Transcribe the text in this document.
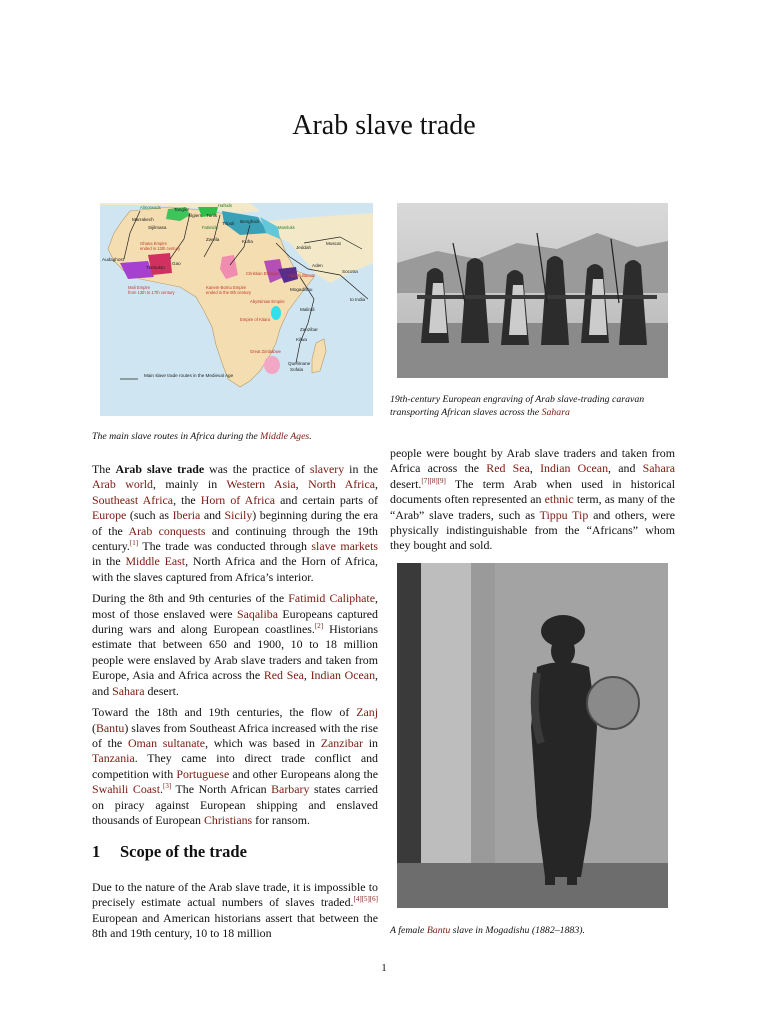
Arab slave trade
Main slave trade routes in the Medieval Age
Marrakech
Sijilmasa
Tangier
Algiers Tunis
Tripoli Benghazi
Zweila	Kufra
Jeddah
Muscat
Aden
Socotra
to India
Malindi
Zanzibar
Kilwa
Quelimane
Sofala
Audaghost
Gao
Timbuktu
Mogadishu
Ghana Empire
ended in 13th century
Mali Empire
from 13th to 17th century
Kanem-Bornu Empire
ended in the 8th century
Christian Ethiopia Adal Sultanate
Abyssinian Empire
Empire of Kitara
Great Zimbabwe
Almoravids
Fatimids
Hafsids
Mamluks

The main slave routes in Africa during the Middle Ages.

19th-century European engraving of Arab slave-trading caravan transporting African slaves across the Sahara

The Arab slave trade was the practice of slavery in the Arab world, mainly in Western Asia, North Africa, Southeast Africa, the Horn of Africa and certain parts of Europe (such as Iberia and Sicily) beginning during the era of the Arab conquests and continuing through the 19th century.[1] The trade was conducted through slave markets in the Middle East, North Africa and the Horn of Africa, with the slaves captured from Africa’s interior.

During the 8th and 9th centuries of the Fatimid Caliphate, most of those enslaved were Saqaliba Europeans captured during wars and along European coastlines.[2] Historians estimate that between 650 and 1900, 10 to 18 million people were enslaved by Arab slave traders and taken from Europe, Asia and Africa across the Red Sea, Indian Ocean, and Sahara desert.

Toward the 18th and 19th centuries, the flow of Zanj (Bantu) slaves from Southeast Africa increased with the rise of the Oman sultanate, which was based in Zanzibar in Tanzania. They came into direct trade conflict and competition with Portuguese and other Europeans along the Swahili Coast.[3] The North African Barbary states carried on piracy against European shipping and enslaved thousands of European Christians for ransom.

1 Scope of the trade

Due to the nature of the Arab slave trade, it is impossible to precisely estimate actual numbers of slaves traded.[4][5][6] European and American historians assert that between the 8th and 19th century, 10 to 18 million

people were bought by Arab slave traders and taken from Africa across the Red Sea, Indian Ocean, and Sahara desert.[7][8][9] The term Arab when used in historical documents often represented an ethnic term, as many of the “Arab” slave traders, such as Tippu Tip and others, were physically indistinguishable from the “Africans” whom they bought and sold.

A female Bantu slave in Mogadishu (1882–1883).

1
